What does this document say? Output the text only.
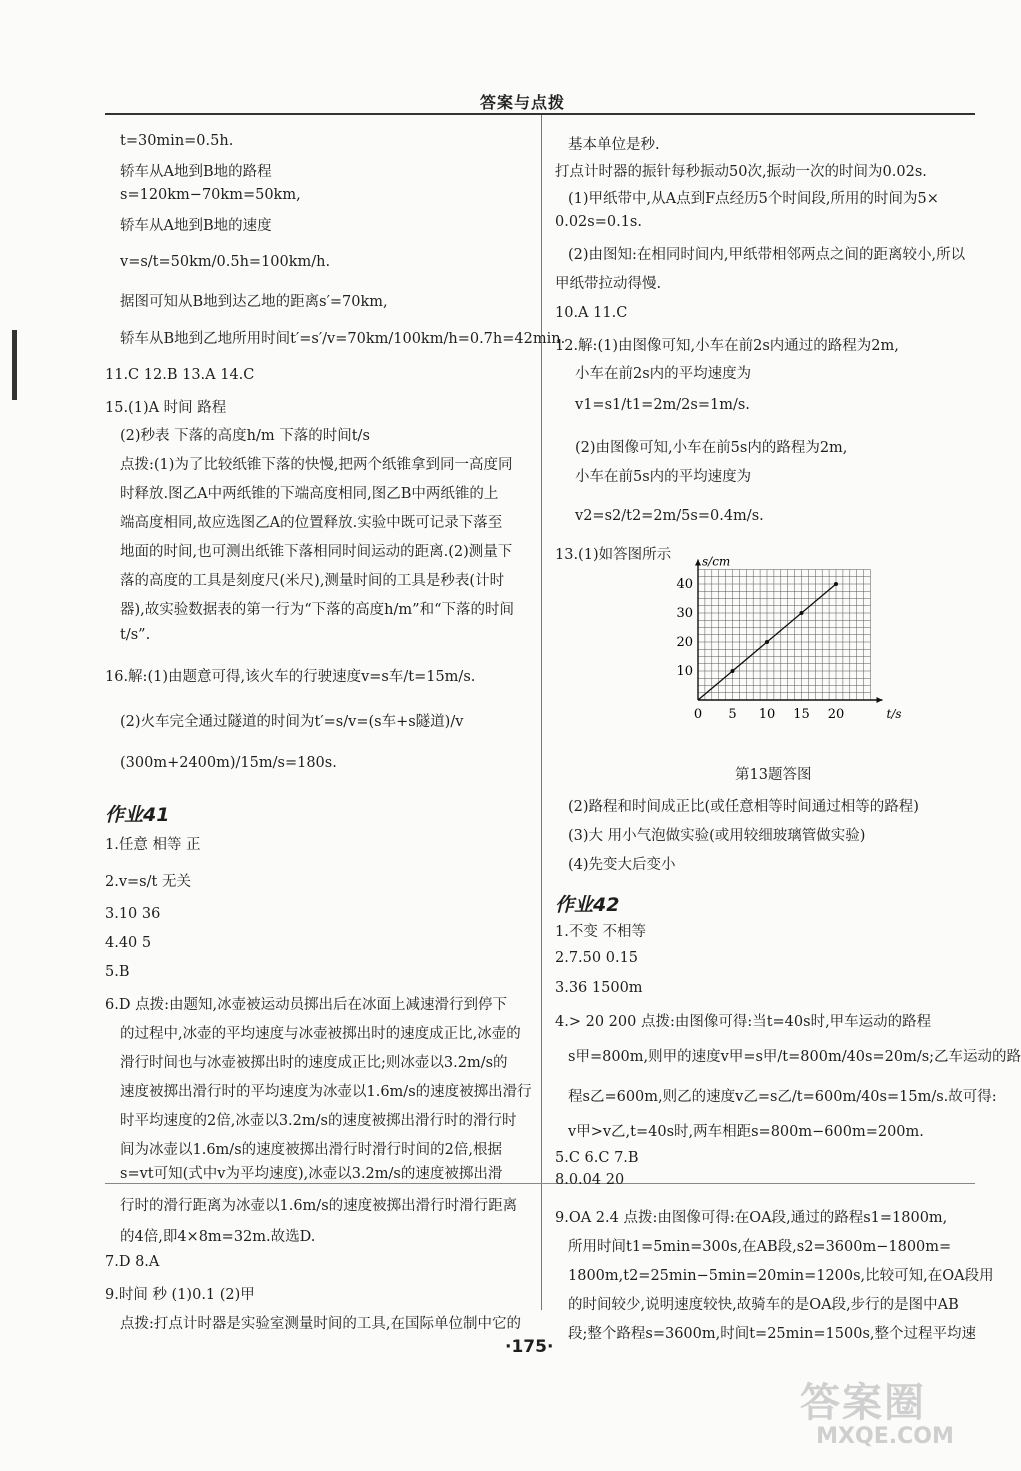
答案与点拨
t=30min=0.5h.
轿车从A地到B地的路程
s=120km−70km=50km,
轿车从A地到B地的速度
v=s/t=50km/0.5h=100km/h.
据图可知从B地到达乙地的距离s′=70km,
轿车从B地到乙地所用时间t′=s′/v=70km/100km/h=0.7h=42min.
11.C 12.B 13.A 14.C
15.(1)A 时间 路程
(2)秒表 下落的高度h/m 下落的时间t/s
点拨:(1)为了比较纸锥下落的快慢,把两个纸锥拿到同一高度同
时释放.图乙A中两纸锥的下端高度相同,图乙B中两纸锥的上
端高度相同,故应选图乙A的位置释放.实验中既可记录下落至
地面的时间,也可测出纸锥下落相同时间运动的距离.(2)测量下
落的高度的工具是刻度尺(米尺),测量时间的工具是秒表(计时
器),故实验数据表的第一行为“下落的高度h/m”和“下落的时间
t/s”.
16.解:(1)由题意可得,该火车的行驶速度v=s车/t=15m/s.
(2)火车完全通过隧道的时间为t′=s/v=(s车+s隧道)/v
(300m+2400m)/15m/s=180s.
作业41
1.任意 相等 正
2.v=s/t 无关
3.10 36
4.40 5
5.B
6.D 点拨:由题知,冰壶被运动员掷出后在冰面上减速滑行到停下
的过程中,冰壶的平均速度与冰壶被掷出时的速度成正比,冰壶的
滑行时间也与冰壶被掷出时的速度成正比;则冰壶以3.2m/s的
速度被掷出滑行时的平均速度为冰壶以1.6m/s的速度被掷出滑行
时平均速度的2倍,冰壶以3.2m/s的速度被掷出滑行时的滑行时
间为冰壶以1.6m/s的速度被掷出滑行时滑行时间的2倍,根据
s=vt可知(式中v为平均速度),冰壶以3.2m/s的速度被掷出滑
行时的滑行距离为冰壶以1.6m/s的速度被掷出滑行时滑行距离
的4倍,即4×8m=32m.故选D.
7.D 8.A
9.时间 秒 (1)0.1 (2)甲
点拨:打点计时器是实验室测量时间的工具,在国际单位制中它的
基本单位是秒.
打点计时器的振针每秒振动50次,振动一次的时间为0.02s.
(1)甲纸带中,从A点到F点经历5个时间段,所用的时间为5×
0.02s=0.1s.
(2)由图知:在相同时间内,甲纸带相邻两点之间的距离较小,所以
甲纸带拉动得慢.
10.A 11.C
12.解:(1)由图像可知,小车在前2s内通过的路程为2m,
小车在前2s内的平均速度为
v1=s1/t1=2m/2s=1m/s.
(2)由图像可知,小车在前5s内的路程为2m,
小车在前5s内的平均速度为
v2=s2/t2=2m/5s=0.4m/s.
13.(1)如答图所示
0 5 10 15 20
10
20
30
40
t/s
s/cm
第13题答图
(2)路程和时间成正比(或任意相等时间通过相等的路程)
(3)大 用小气泡做实验(或用较细玻璃管做实验)
(4)先变大后变小
作业42
1.不变 不相等
2.7.50 0.15
3.36 1500m
4.> 20 200 点拨:由图像可得:当t=40s时,甲车运动的路程
s甲=800m,则甲的速度v甲=s甲/t=800m/40s=20m/s;乙车运动的路
程s乙=600m,则乙的速度v乙=s乙/t=600m/40s=15m/s.故可得:
v甲>v乙,t=40s时,两车相距s=800m−600m=200m.
5.C 6.C 7.B
8.0.04 20
9.OA 2.4 点拨:由图像可得:在OA段,通过的路程s1=1800m,
所用时间t1=5min=300s,在AB段,s2=3600m−1800m=
1800m,t2=25min−5min=20min=1200s,比较可知,在OA段用
的时间较少,说明速度较快,故骑车的是OA段,步行的是图中AB
段;整个路程s=3600m,时间t=25min=1500s,整个过程平均速
·175·
答案圈
MXQE.COM
